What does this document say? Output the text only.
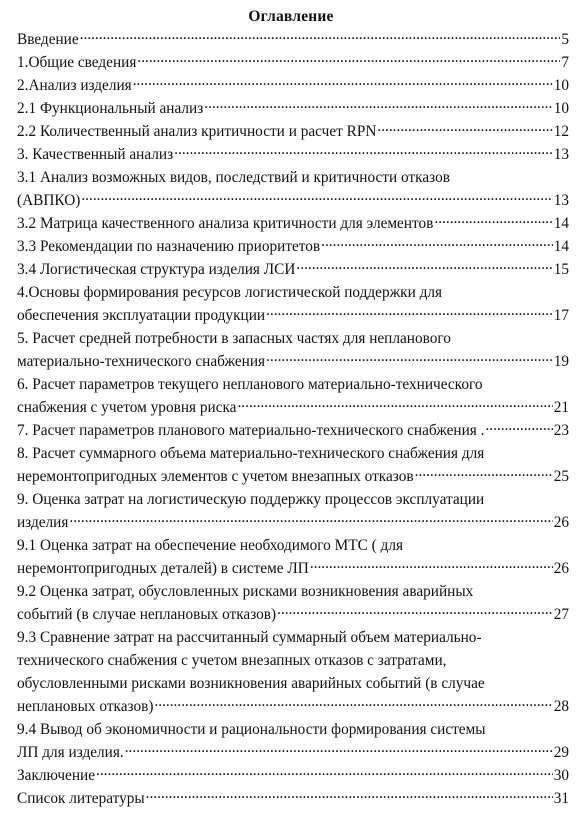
Оглавление
Введение .....	5
1.Общие сведения .....	7
2.Анализ изделия .....	10
2.1 Функциональный анализ .....	10
2.2 Количественный анализ критичности и расчет RPN .....	12
3. Качественный анализ .....	13
3.1 Анализ возможных видов, последствий и критичности отказов
(АВПКО) .....	13
3.2 Матрица качественного анализа критичности для элементов .....	14
3.3 Рекомендации по назначению приоритетов .....	14
3.4 Логистическая структура изделия ЛСИ .....	15
4.Основы формирования ресурсов логистической поддержки для
обеспечения эксплуатации продукции .....	17
5. Расчет средней потребности в запасных частях для непланового
материально-технического снабжения .....	19
6. Расчет параметров текущего непланового материально-технического
снабжения с учетом уровня риска .....	21
7. Расчет параметров планового материально-технического снабжения . .....	23
8. Расчет суммарного объема материально-технического снабжения для
неремонтопригодных элементов с учетом внезапных отказов .....	25
9. Оценка затрат на логистическую поддержку процессов эксплуатации
изделия .....	26
9.1 Оценка затрат на обеспечение необходимого МТС ( для
неремонтопригодных деталей) в системе ЛП .....	26
9.2 Оценка затрат, обусловленных рисками возникновения аварийных
событий (в случае неплановых отказов) .....	27
9.3 Сравнение затрат на рассчитанный суммарный объем материально-
технического снабжения с учетом внезапных отказов с затратами,
обусловленными рисками возникновения аварийных событий (в случае
неплановых отказов) .....	28
9.4 Вывод об экономичности и рациональности формирования системы
ЛП для изделия. .....	29
Заключение .....	30
Список литературы .....	31
